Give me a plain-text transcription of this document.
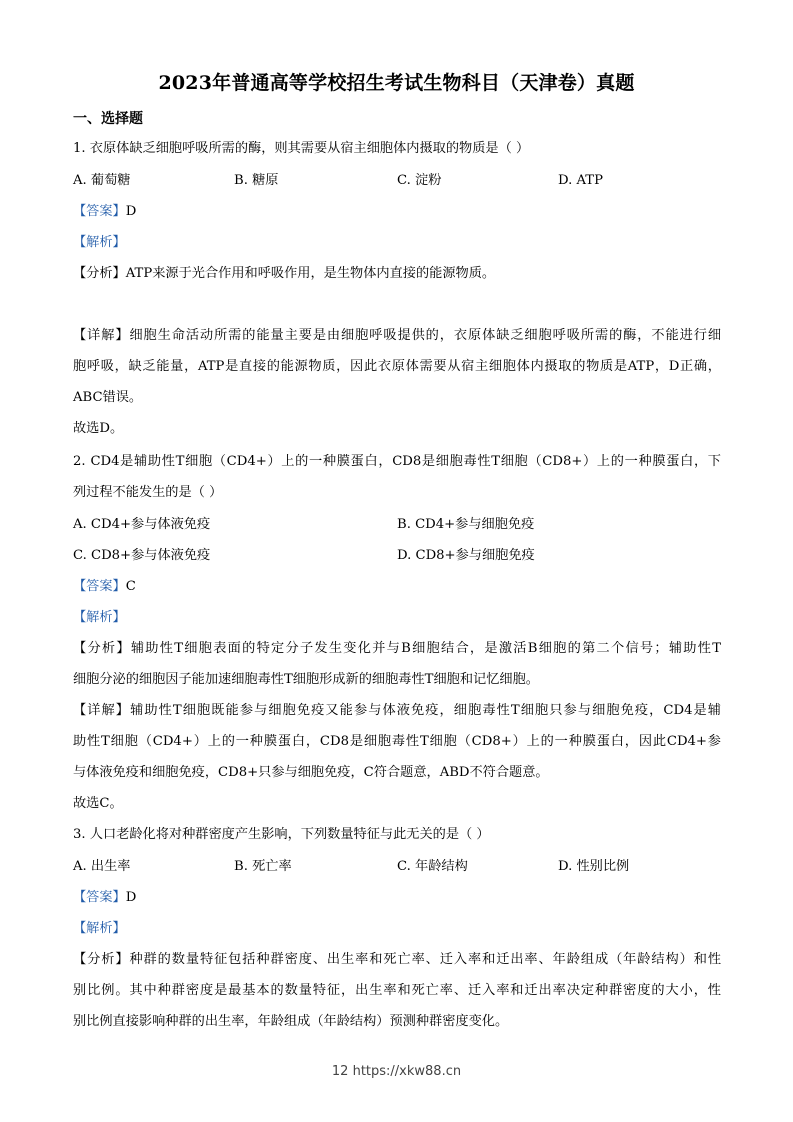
2023年普通高等学校招生考试生物科目（天津卷）真题
一、选择题
1. 衣原体缺乏细胞呼吸所需的酶，则其需要从宿主细胞体内摄取的物质是（ ）
A. 葡萄糖	B. 糖原	C. 淀粉	D. ATP
【答案】D
【解析】
【分析】ATP来源于光合作用和呼吸作用，是生物体内直接的能源物质。
【详解】细胞生命活动所需的能量主要是由细胞呼吸提供的，衣原体缺乏细胞呼吸所需的酶，不能进行细
胞呼吸，缺乏能量，ATP是直接的能源物质，因此衣原体需要从宿主细胞体内摄取的物质是ATP，D正确，
ABC错误。
故选D。
2. CD4是辅助性T细胞（CD4+）上的一种膜蛋白，CD8是细胞毒性T细胞（CD8+）上的一种膜蛋白，下
列过程不能发生的是（ ）
A. CD4+参与体液免疫	B. CD4+参与细胞免疫
C. CD8+参与体液免疫	D. CD8+参与细胞免疫
【答案】C
【解析】
【分析】辅助性T细胞表面的特定分子发生变化并与B细胞结合，是激活B细胞的第二个信号；辅助性T
细胞分泌的细胞因子能加速细胞毒性T细胞形成新的细胞毒性T细胞和记忆细胞。
【详解】辅助性T细胞既能参与细胞免疫又能参与体液免疫，细胞毒性T细胞只参与细胞免疫，CD4是辅
助性T细胞（CD4+）上的一种膜蛋白，CD8是细胞毒性T细胞（CD8+）上的一种膜蛋白，因此CD4+参
与体液免疫和细胞免疫，CD8+只参与细胞免疫，C符合题意，ABD不符合题意。
故选C。
3. 人口老龄化将对种群密度产生影响，下列数量特征与此无关的是（ ）
A. 出生率	B. 死亡率	C. 年龄结构	D. 性别比例
【答案】D
【解析】
【分析】种群的数量特征包括种群密度、出生率和死亡率、迁入率和迁出率、年龄组成（年龄结构）和性
别比例。其中种群密度是最基本的数量特征，出生率和死亡率、迁入率和迁出率决定种群密度的大小，性
别比例直接影响种群的出生率，年龄组成（年龄结构）预测种群密度变化。
12 https://xkw88.cn
